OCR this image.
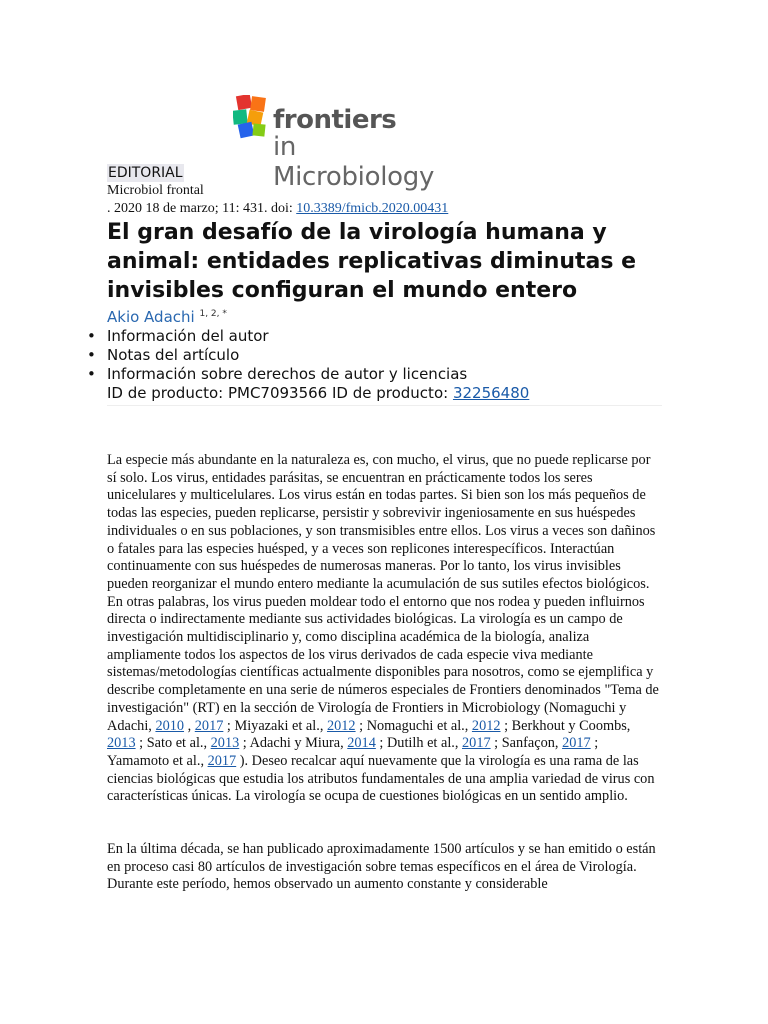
frontiers
in Microbiology
EDITORIAL
Microbiol frontal
. 2020 18 de marzo; 11: 431. doi: 10.3389/fmicb.2020.00431
El gran desafío de la virología humana y animal: entidades replicativas diminutas e invisibles configuran el mundo entero
Akio Adachi $^{1, 2, *}$
• Información del autor
• Notas del artículo
• Información sobre derechos de autor y licencias
ID de producto: PMC7093566 ID de producto: 32256480

La especie más abundante en la naturaleza es, con mucho, el virus, que no puede replicarse por sí solo. Los virus, entidades parásitas, se encuentran en prácticamente todos los seres unicelulares y multicelulares. Los virus están en todas partes. Si bien son los más pequeños de todas las especies, pueden replicarse, persistir y sobrevivir ingeniosamente en sus huéspedes individuales o en sus poblaciones, y son transmisibles entre ellos. Los virus a veces son dañinos o fatales para las especies huésped, y a veces son replicones interespecíficos. Interactúan continuamente con sus huéspedes de numerosas maneras. Por lo tanto, los virus invisibles pueden reorganizar el mundo entero mediante la acumulación de sus sutiles efectos biológicos. En otras palabras, los virus pueden moldear todo el entorno que nos rodea y pueden influirnos directa o indirectamente mediante sus actividades biológicas. La virología es un campo de investigación multidisciplinario y, como disciplina académica de la biología, analiza ampliamente todos los aspectos de los virus derivados de cada especie viva mediante sistemas/metodologías científicas actualmente disponibles para nosotros, como se ejemplifica y describe completamente en una serie de números especiales de Frontiers denominados "Tema de investigación" (RT) en la sección de Virología de Frontiers in Microbiology (Nomaguchi y Adachi, 2010 , 2017 ; Miyazaki et al., 2012 ; Nomaguchi et al., 2012 ; Berkhout y Coombs, 2013 ; Sato et al., 2013 ; Adachi y Miura, 2014 ; Dutilh et al., 2017 ; Sanfaçon, 2017 ; Yamamoto et al., 2017 ). Deseo recalcar aquí nuevamente que la virología es una rama de las ciencias biológicas que estudia los atributos fundamentales de una amplia variedad de virus con características únicas. La virología se ocupa de cuestiones biológicas en un sentido amplio.

En la última década, se han publicado aproximadamente 1500 artículos y se han emitido o están en proceso casi 80 artículos de investigación sobre temas específicos en el área de Virología. Durante este período, hemos observado un aumento constante y considerable
